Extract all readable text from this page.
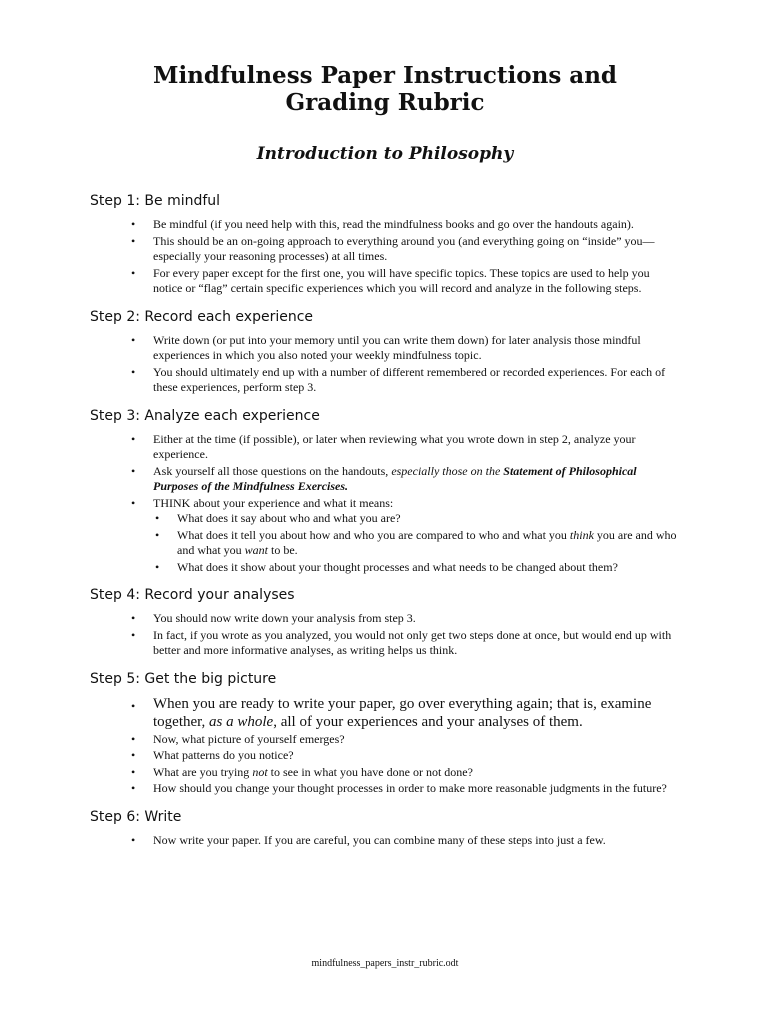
Mindfulness Paper Instructions and Grading Rubric
Introduction to Philosophy
Step 1: Be mindful
• Be mindful (if you need help with this, read the mindfulness books and go over the handouts again).
• This should be an on-going approach to everything around you (and everything going on “inside” you—especially your reasoning processes) at all times.
• For every paper except for the first one, you will have specific topics. These topics are used to help you notice or “flag” certain specific experiences which you will record and analyze in the following steps.
Step 2: Record each experience
• Write down (or put into your memory until you can write them down) for later analysis those mindful experiences in which you also noted your weekly mindfulness topic.
• You should ultimately end up with a number of different remembered or recorded experiences. For each of these experiences, perform step 3.
Step 3: Analyze each experience
• Either at the time (if possible), or later when reviewing what you wrote down in step 2, analyze your experience.
• Ask yourself all those questions on the handouts, especially those on the Statement of Philosophical Purposes of the Mindfulness Exercises.
• THINK about your experience and what it means:
• What does it say about who and what you are?
• What does it tell you about how and who you are compared to who and what you think you are and who and what you want to be.
• What does it show about your thought processes and what needs to be changed about them?
Step 4: Record your analyses
• You should now write down your analysis from step 3.
• In fact, if you wrote as you analyzed, you would not only get two steps done at once, but would end up with better and more informative analyses, as writing helps us think.
Step 5: Get the big picture
• When you are ready to write your paper, go over everything again; that is, examine together, as a whole, all of your experiences and your analyses of them.
• Now, what picture of yourself emerges?
• What patterns do you notice?
• What are you trying not to see in what you have done or not done?
• How should you change your thought processes in order to make more reasonable judgments in the future?
Step 6: Write
• Now write your paper. If you are careful, you can combine many of these steps into just a few.
mindfulness_papers_instr_rubric.odt
